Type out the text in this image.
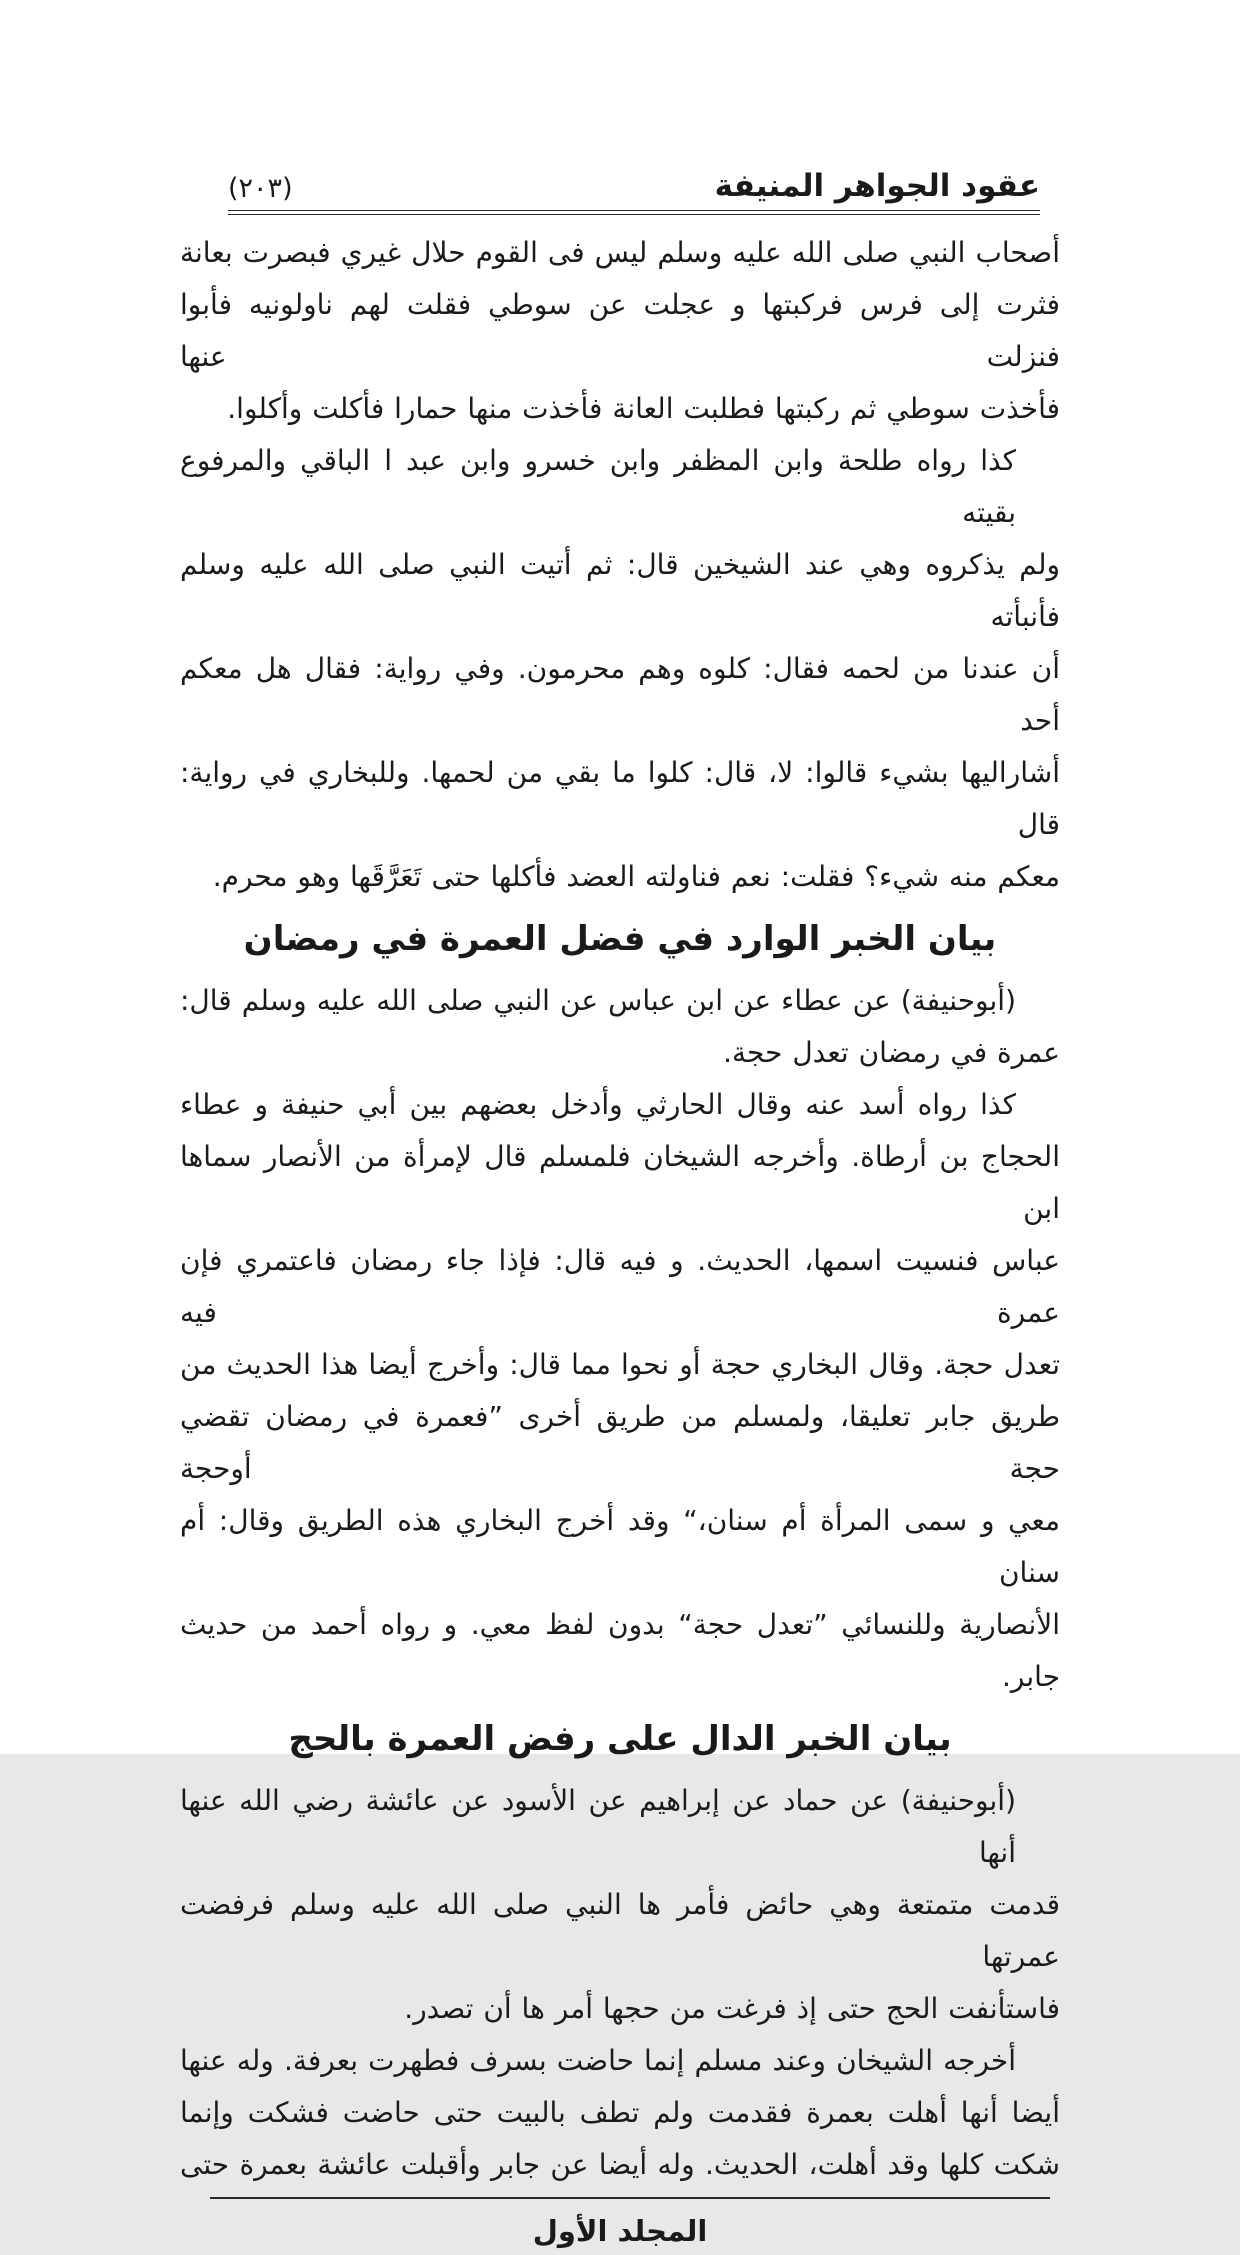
عقود الجواهر المنيفة
(٢٠٣)
أصحاب النبي صلى الله عليه وسلم ليس فى القوم حلال غيري فبصرت بعانة
فثرت إلى فرس فركبتها و عجلت عن سوطي فقلت لهم ناولونيه فأبوا فنزلت عنها
فأخذت سوطي ثم ركبتها فطلبت العانة فأخذت منها حمارا فأكلت وأكلوا.
كذا رواه طلحة وابن المظفر وابن خسرو وابن عبد ا الباقي والمرفوع بقيته
ولم يذكروه وهي عند الشيخين قال: ثم أتيت النبي صلى الله عليه وسلم فأنبأته
أن عندنا من لحمه فقال: كلوه وهم محرمون. وفي رواية: فقال هل معكم أحد
أشاراليها بشيء قالوا: لا، قال: كلوا ما بقي من لحمها. وللبخاري في رواية: قال
معكم منه شيء؟ فقلت: نعم فناولته العضد فأكلها حتى تَعَرَّقَها وهو محرم.
بيان الخبر الوارد في فضل العمرة في رمضان
(أبوحنيفة) عن عطاء عن ابن عباس عن النبي صلى الله عليه وسلم قال:
عمرة في رمضان تعدل حجة.
كذا رواه أسد عنه وقال الحارثي وأدخل بعضهم بين أبي حنيفة و عطاء
الحجاج بن أرطاة. وأخرجه الشيخان فلمسلم قال لإمرأة من الأنصار سماها ابن
عباس فنسيت اسمها، الحديث. و فيه قال: فإذا جاء رمضان فاعتمري فإن عمرة فيه
تعدل حجة. وقال البخاري حجة أو نحوا مما قال: وأخرج أيضا هذا الحديث من
طريق جابر تعليقا، ولمسلم من طريق أخرى ”فعمرة في رمضان تقضي حجة أوحجة
معي و سمى المرأة أم سنان،“ وقد أخرج البخاري هذه الطريق وقال: أم سنان
الأنصارية وللنسائي ”تعدل حجة“ بدون لفظ معي. و رواه أحمد من حديث جابر.
بيان الخبر الدال على رفض العمرة بالحج
(أبوحنيفة) عن حماد عن إبراهيم عن الأسود عن عائشة رضي الله عنها أنها
قدمت متمتعة وهي حائض فأمر ها النبي صلى الله عليه وسلم فرفضت عمرتها
فاستأنفت الحج حتى إذ فرغت من حجها أمر ها أن تصدر.
أخرجه الشيخان وعند مسلم إنما حاضت بسرف فطهرت بعرفة. وله عنها
أيضا أنها أهلت بعمرة فقدمت ولم تطف بالبيت حتى حاضت فشكت وإنما
شكت كلها وقد أهلت، الحديث. وله أيضا عن جابر وأقبلت عائشة بعمرة حتى
المجلد الأول
